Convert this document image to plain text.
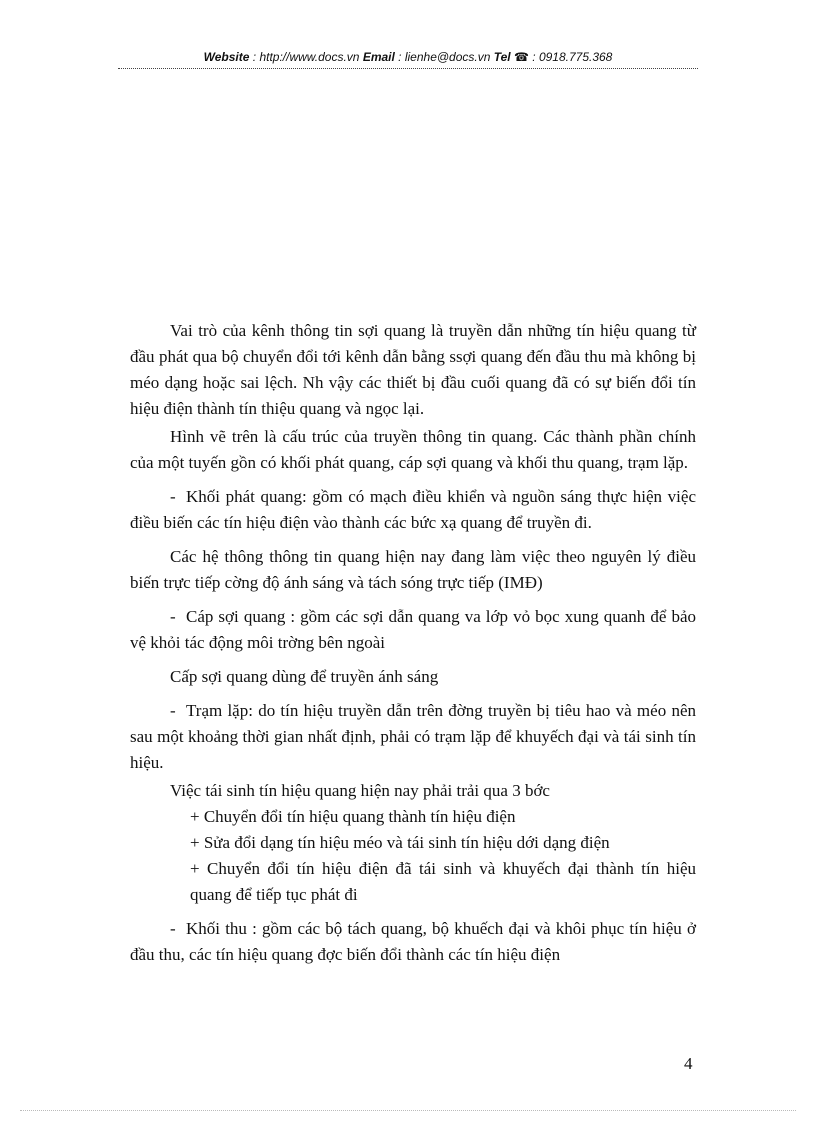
Website : http://www.docs.vn Email : lienhe@docs.vn Tel ☎ : 0918.775.368

Vai trò của kênh thông tin sợi quang là truyền dẫn những tín hiệu quang từ đầu phát qua bộ chuyển đổi tới kênh dẫn bằng ssợi quang đến đầu thu mà không bị méo dạng hoặc sai lệch. Nh vậy các thiết bị đầu cuối quang đã có sự biến đổi tín hiệu điện thành tín thiệu quang và ngọc lại.

Hình vẽ trên là cấu trúc của truyền thông tin quang. Các thành phần chính của một tuyến gồn có khối phát quang, cáp sợi quang và khối thu quang, trạm lặp.

- Khối phát quang: gồm có mạch điều khiển và nguồn sáng thực hiện việc điều biến các tín hiệu điện vào thành các bức xạ quang để truyền đi.

Các hệ thông thông tin quang hiện nay đang làm việc theo nguyên lý điều biến trực tiếp cờng độ ánh sáng và tách sóng trực tiếp (IMĐ)

- Cáp sợi quang : gồm các sợi dẫn quang va lớp vỏ bọc xung quanh để bảo vệ khỏi tác động môi trờng bên ngoài

Cấp sợi quang dùng để truyền ánh sáng

- Trạm lặp: do tín hiệu truyền dẫn trên đờng truyền bị tiêu hao và méo nên sau một khoảng thời gian nhất định, phải có trạm lặp để khuyếch đại và tái sinh tín hiệu.

Việc tái sinh tín hiệu quang hiện nay phải trải qua 3 bớc

+ Chuyển đổi tín hiệu quang thành tín hiệu điện

+ Sửa đổi dạng tín hiệu méo và tái sinh tín hiệu dới dạng điện

+ Chuyển đổi tín hiệu điện đã tái sinh và khuyếch đại thành tín hiệu quang để tiếp tục phát đi

- Khối thu : gồm các bộ tách quang, bộ khuếch đại và khôi phục tín hiệu ở đầu thu, các tín hiệu quang đợc biến đổi thành các tín hiệu điện

4
